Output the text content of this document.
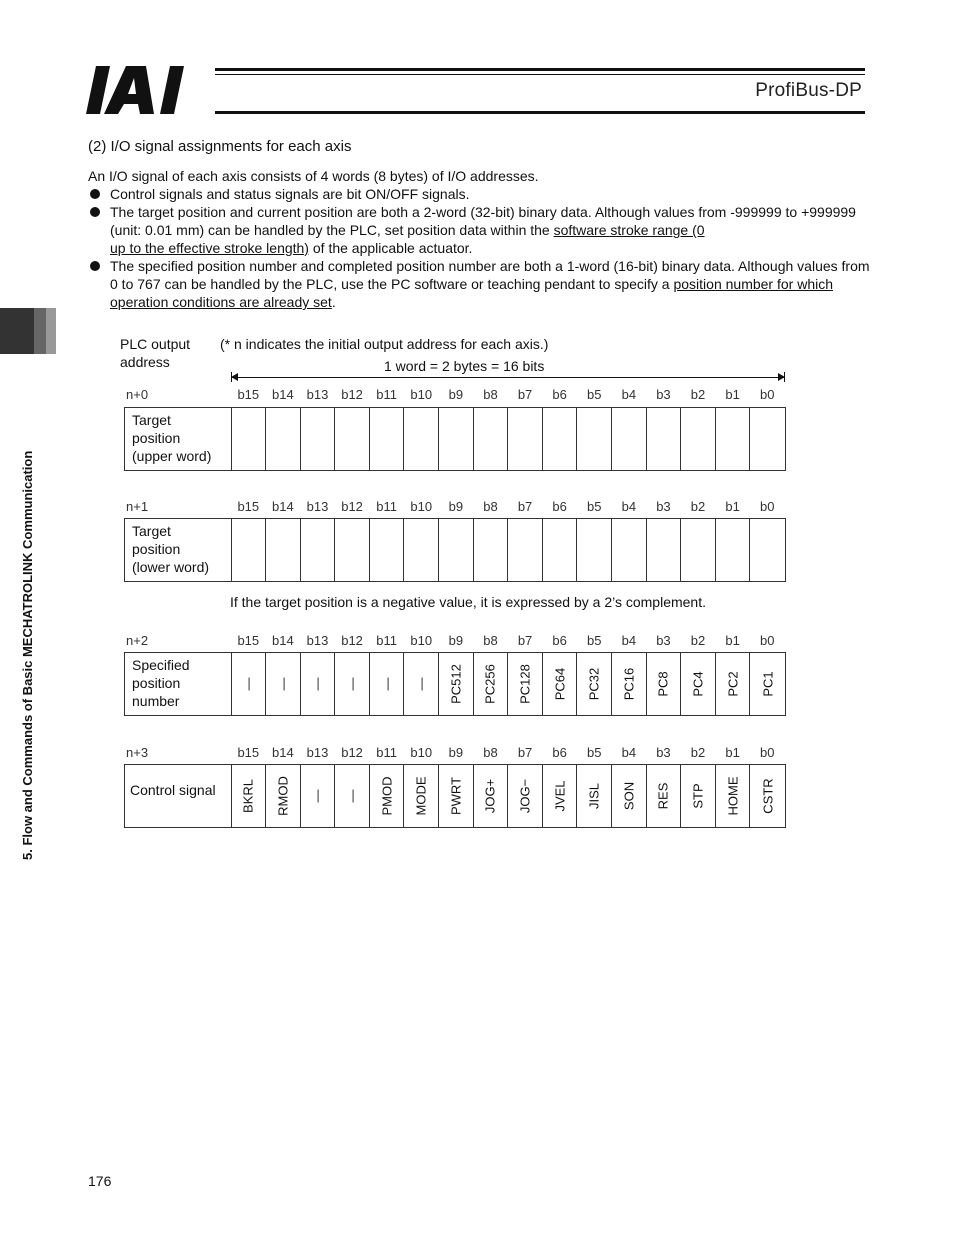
ProfiBus-DP
5. Flow and Commands of Basic MECHATROLINK Communication
(2) I/O signal assignments for each axis
An I/O signal of each axis consists of 4 words (8 bytes) of I/O addresses.
Control signals and status signals are bit ON/OFF signals.
The target position and current position are both a 2-word (32-bit) binary data. Although values from -999999 to +999999 (unit: 0.01 mm) can be handled by the PLC, set position data within the software stroke range (0
up to the effective stroke length) of the applicable actuator.
The specified position number and completed position number are both a 1-word (16-bit) binary data. Although values from 0 to 767 can be handled by the PLC, use the PC software or teaching pendant to specify a position number for which operation conditions are already set.
PLC output
address
(* n indicates the initial output address for each axis.)
1 word = 2 bytes = 16 bits
n+0	b15 b14 b13 b12	b11	b10	b9	b8	b7	b6	b5	b4	b3	b2	b1	b0
Target
position
(upper word)
n+1	b15 b14 b13 b12	b11	b10	b9	b8	b7	b6	b5	b4	b3	b2	b1	b0
Target
position
(lower word)
If the target position is a negative value, it is expressed by a 2’s complement.
n+2	b15 b14 b13 b12	b11	b10	b9	b8	b7	b6	b5	b4	b3	b2	b1	b0
Specified
position
number
— — — — — — PC512 PC256 PC128 PC64 PC32 PC16 PC8 PC4 PC2 PC1
n+3	b15 b14 b13 b12	b11	b10	b9	b8	b7	b6	b5	b4	b3	b2	b1	b0
Control signal	BKRL RMOD — — PMOD MODE PWRT JOG+ JOG− JVEL JISL SON RES STP HOME CSTR
176
